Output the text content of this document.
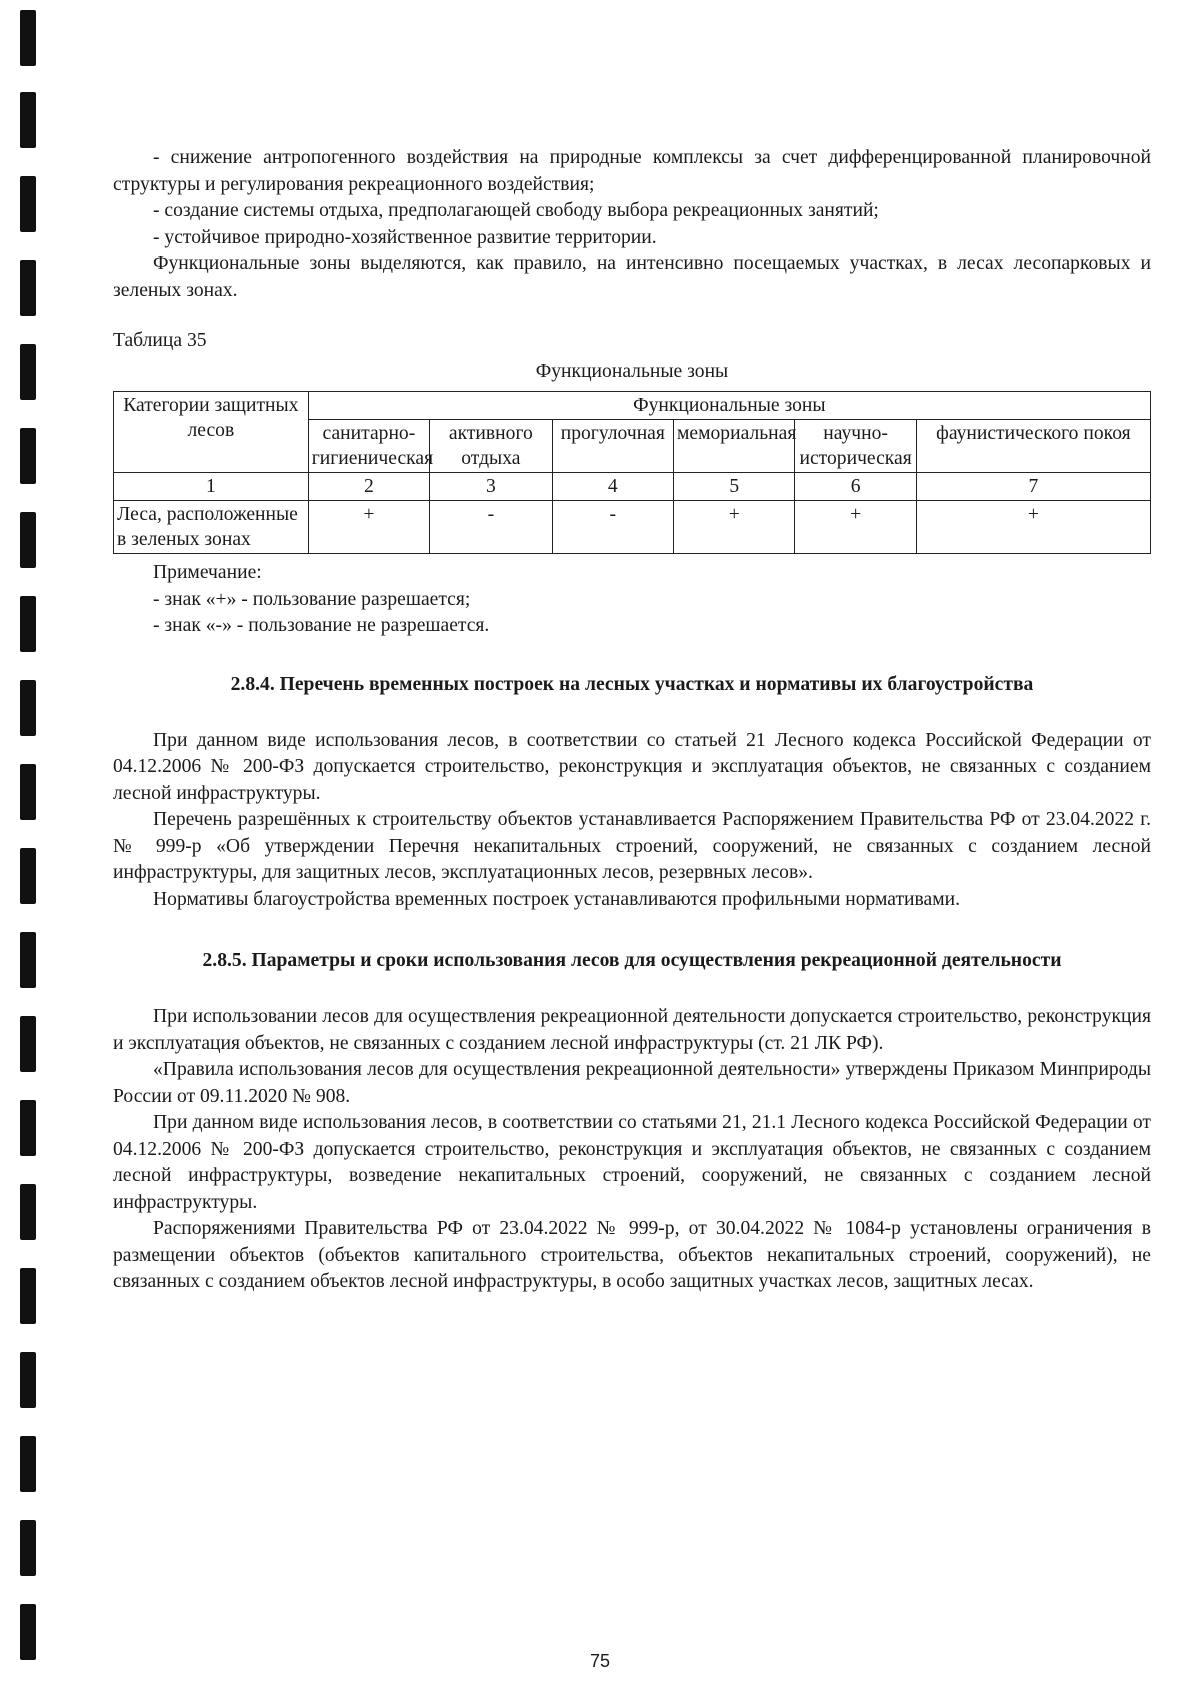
- снижение антропогенного воздействия на природные комплексы за счет дифференцированной планировочной структуры и регулирования рекреационного воздействия;

- создание системы отдыха, предполагающей свободу выбора рекреационных занятий;

- устойчивое природно-хозяйственное развитие территории.

Функциональные зоны выделяются, как правило, на интенсивно посещаемых участках, в лесах лесопарковых и зеленых зонах.

Таблица 35

Функциональные зоны

Категории защитных лесов	Функциональные зоны					
	санитарно-гигиеническая	активного отдыха	прогулочная	мемориальная	научно-историческая	фаунистического покоя
1	2	3	4	5	6	7
Леса, расположенные в зеленых зонах	+	-	-	+	+	+

Примечание:

- знак «+» - пользование разрешается;

- знак «-» - пользование не разрешается.

2.8.4. Перечень временных построек на лесных участках и нормативы их благоустройства

При данном виде использования лесов, в соответствии со статьей 21 Лесного кодекса Российской Федерации от 04.12.2006 № 200-ФЗ допускается строительство, реконструкция и эксплуатация объектов, не связанных с созданием лесной инфраструктуры.

Перечень разрешённых к строительству объектов устанавливается Распоряжением Правительства РФ от 23.04.2022 г. № 999-р «Об утверждении Перечня некапитальных строений, сооружений, не связанных с созданием лесной инфраструктуры, для защитных лесов, эксплуатационных лесов, резервных лесов».

Нормативы благоустройства временных построек устанавливаются профильными нормативами.

2.8.5. Параметры и сроки использования лесов для осуществления рекреационной деятельности

При использовании лесов для осуществления рекреационной деятельности допускается строительство, реконструкция и эксплуатация объектов, не связанных с созданием лесной инфраструктуры (ст. 21 ЛК РФ).

«Правила использования лесов для осуществления рекреационной деятельности» утверждены Приказом Минприроды России от 09.11.2020 № 908.

При данном виде использования лесов, в соответствии со статьями 21, 21.1 Лесного кодекса Российской Федерации от 04.12.2006 № 200-ФЗ допускается строительство, реконструкция и эксплуатация объектов, не связанных с созданием лесной инфраструктуры, возведение некапитальных строений, сооружений, не связанных с созданием лесной инфраструктуры.

Распоряжениями Правительства РФ от 23.04.2022 № 999-р, от 30.04.2022 № 1084-р установлены ограничения в размещении объектов (объектов капитального строительства, объектов некапитальных строений, сооружений), не связанных с созданием объектов лесной инфраструктуры, в особо защитных участках лесов, защитных лесах.

75
